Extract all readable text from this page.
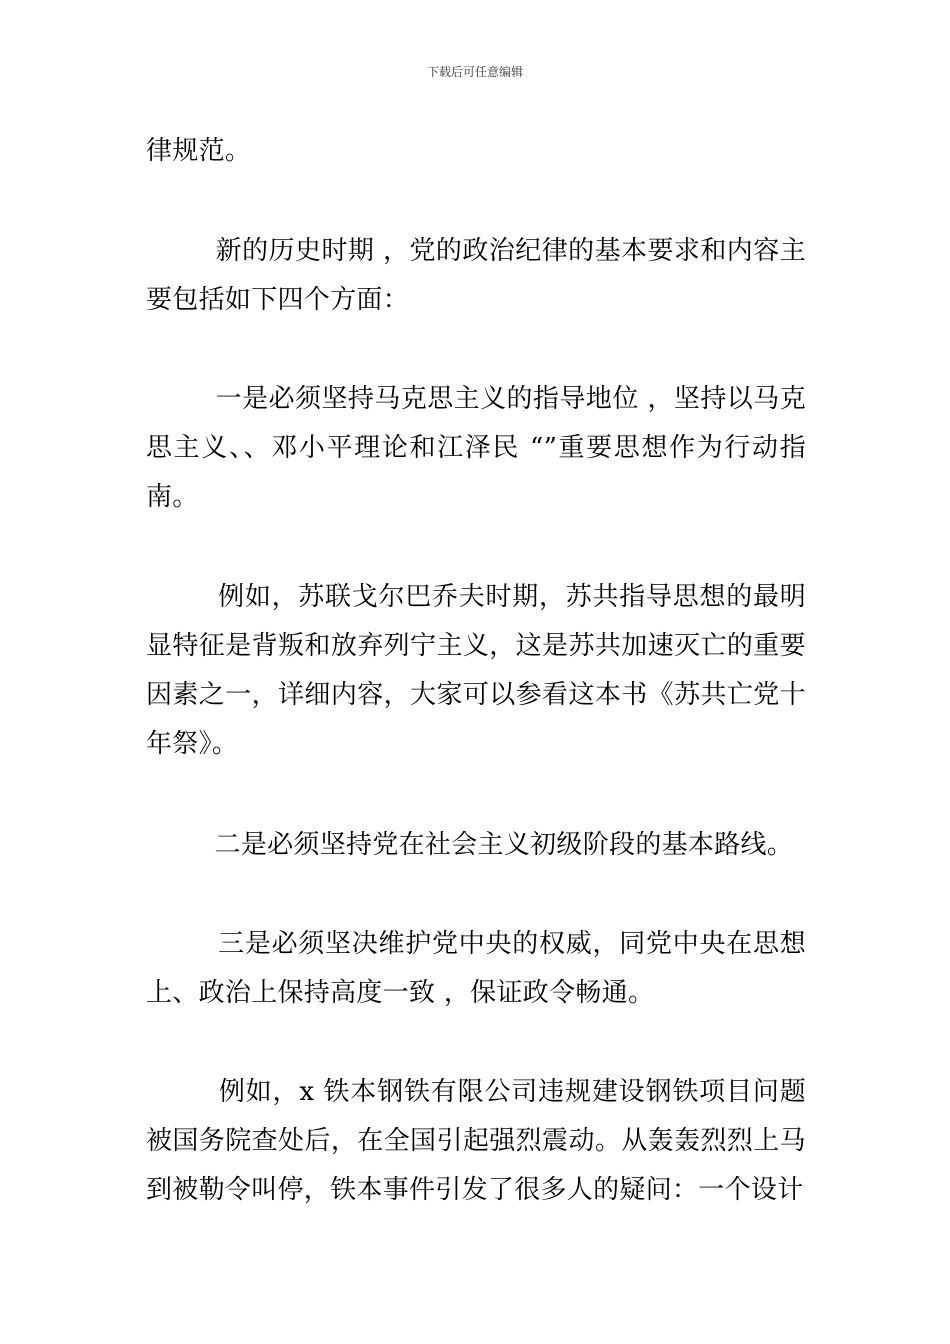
下载后可任意编辑

律规范。

新的历史时期 ，党的政治纪律的基本要求和内容主要包括如下四个方面：

一是必须坚持马克思主义的指导地位 ，坚持以马克思主义、、邓小平理论和江泽民 “”重要思想作为行动指南。

例如，苏联戈尔巴乔夫时期，苏共指导思想的最明显特征是背叛和放弃列宁主义，这是苏共加速灭亡的重要因素之一，详细内容，大家可以参看这本书《苏共亡党十年祭》。

二是必须坚持党在社会主义初级阶段的基本路线。

三是必须坚决维护党中央的权威，同党中央在思想上、政治上保持高度一致 ，保证政令畅通。

例如，x 铁本钢铁有限公司违规建设钢铁项目问题被国务院查处后，在全国引起强烈震动。从轰轰烈烈上马到被勒令叫停，铁本事件引发了很多人的疑问：一个设计
